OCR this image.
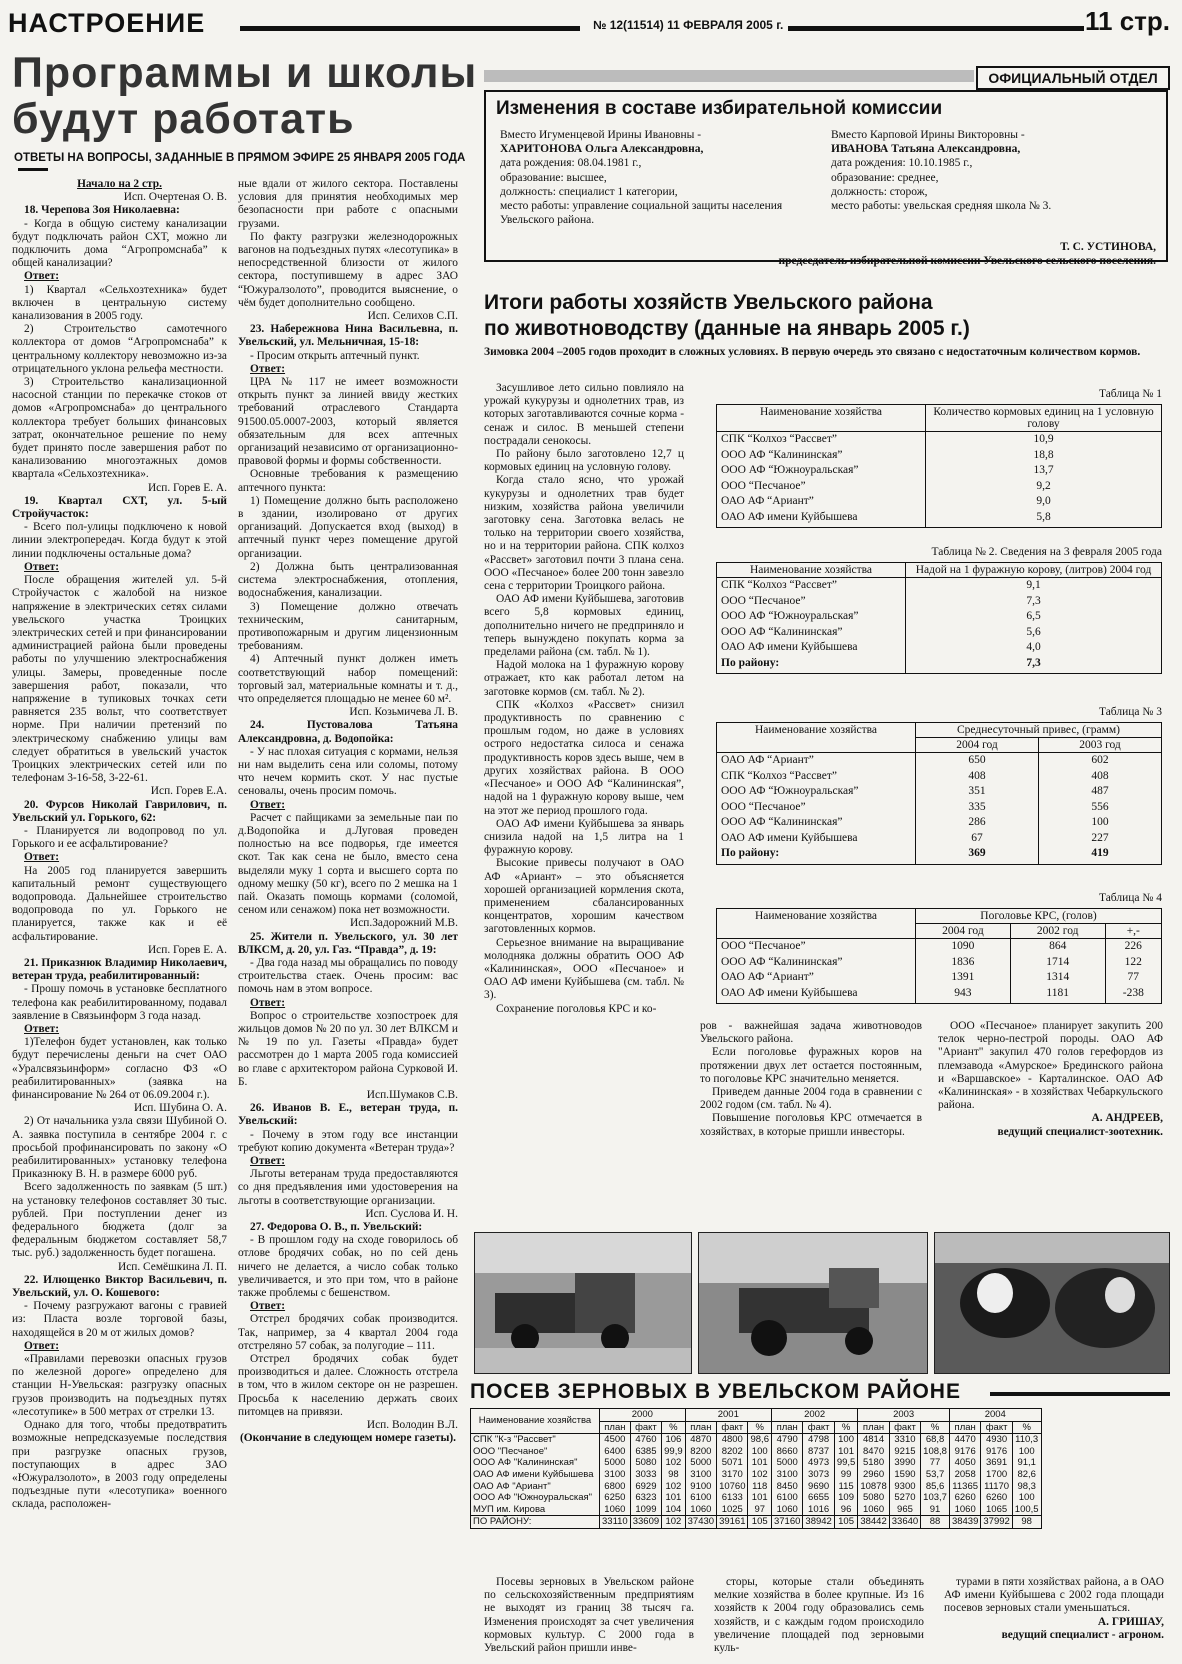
НАСТРОЕНИЕ	№ 12(11514) 11 ФЕВРАЛЯ 2005 г.	11 стр.
Программы и школы
будут работать
ОТВЕТЫ НА ВОПРОСЫ, ЗАДАННЫЕ В ПРЯМОМ ЭФИРЕ 25 ЯНВАРЯ 2005 ГОДА

Начало на 2 стр.

Исп. Очертеная О. В.

18. Черепова Зоя Николаевна:

- Когда в общую систему канализации будут подключать район СХТ, можно ли подключить дома “Агропромснаба” к общей канализации?

Ответ:

1) Квартал «Сельхозтехника» будет включен в центральную систему канализования в 2005 году.

2) Строительство самотечного коллектора от домов “Агропромснаба” к центральному коллектору невозможно из-за отрицательного уклона рельефа местности.

3) Строительство канализационной насосной станции по перекачке стоков от домов «Агропромснаба» до центрального коллектора требует больших финансовых затрат, окончательное решение по нему будет принято после завершения работ по канализованию многоэтажных домов квартала «Сельхозтехника».

Исп. Горев Е. А.

19. Квартал СХТ, ул. 5-ый Стройучасток:

- Всего пол-улицы подключено к новой линии электропередач. Когда будут к этой линии подключены остальные дома?

Ответ:

После обращения жителей ул. 5-й Стройучасток с жалобой на низкое напряжение в электрических сетях силами увельского участка Троицких электрических сетей и при финансировании администрацией района были проведены работы по улучшению электроснабжения улицы. Замеры, проведенные после завершения работ, показали, что напряжение в тупиковых точках сети равняется 235 вольт, что соответствует норме. При наличии претензий по электрическому снабжению улицы вам следует обратиться в увельский участок Троицких электрических сетей или по телефонам 3-16-58, 3-22-61.

Исп. Горев Е.А.

20. Фурсов Николай Гаврилович, п. Увельский ул. Горького, 62:

- Планируется ли водопровод по ул. Горького и ее асфальтирование?

Ответ:

На 2005 год планируется завершить капитальный ремонт существующего водопровода. Дальнейшее строительство водопровода по ул. Горького не планируется, также как и её асфальтирование.

Исп. Горев Е. А.

21. Приказнюк Владимир Николаевич, ветеран труда, реабилитированный:

- Прошу помочь в установке бесплатного телефона как реабилитированному, подавал заявление в Связьинформ 3 года назад.

Ответ:

1)Телефон будет установлен, как только будут перечислены деньги на счет ОАО «Уралсвязьинформ» согласно ФЗ «О реабилитированных» (заявка на финансирование № 264 от 06.09.2004 г.).

Исп. Шубина О. А.

2) От начальника узла связи Шубиной О. А. заявка поступила в сентябре 2004 г. с просьбой профинансировать по закону «О реабилитированных» установку телефона Приказнюку В. Н. в размере 6000 руб.

Всего задолженность по заявкам (5 шт.) на установку телефонов составляет 30 тыс. рублей. При поступлении денег из федерального бюджета (долг за федеральным бюджетом составляет 58,7 тыс. руб.) задолженность будет погашена.

Исп. Семёшкина Л. П.

22. Илющенко Виктор Васильевич, п. Увельский, ул. О. Кошевого:

- Почему разгружают вагоны с гравией из: Пласта возле торговой базы, находящейся в 20 м от жилых домов?

Ответ:

«Правилами перевозки опасных грузов по железной дороге» определено для станции Н-Увельская: разгрузку опасных грузов производить на подъездных путях «лесотупике» в 500 метрах от стрелки 13.

Однако для того, чтобы предотвратить возможные непредсказуемые последствия при разгрузке опасных грузов, поступающих в адрес ЗАО «Южуралзолото», в 2003 году определены подъездные пути «лесотупика» военного склада, расположен-

ные вдали от жилого сектора. Поставлены условия для принятия необходимых мер безопасности при работе с опасными грузами.

По факту разгрузки железнодорожных вагонов на подъездных путях «лесотупика» в непосредственной близости от жилого сектора, поступившему в адрес ЗАО “Южуралзолото”, проводится выяснение, о чём будет дополнительно сообщено.

Исп. Селихов С.П.

23. Набережнова Нина Васильевна, п. Увельский, ул. Мельничная, 15-18:

- Просим открыть аптечный пункт.

Ответ:

ЦРА № 117 не имеет возможности открыть пункт за линией ввиду жестких требований отраслевого Стандарта 91500.05.0007-2003, который является обязательным для всех аптечных организаций независимо от организационно-правовой формы и формы собственности.

Основные требования к размещению аптечного пункта:

1) Помещение должно быть расположено в здании, изолировано от других организаций. Допускается вход (выход) в аптечный пункт через помещение другой организации.

2) Должна быть централизованная система электроснабжения, отопления, водоснабжения, канализации.

3) Помещение должно отвечать техническим, санитарным, противопожарным и другим лицензионным требованиям.

4) Аптечный пункт должен иметь соответствующий набор помещений: торговый зал, материальные комнаты и т. д., что определяется площадью не менее 60 м².

Исп. Козьмичева Л. В.

24. Пустовалова Татьяна Александровна, д. Водопойка:

- У нас плохая ситуация с кормами, нельзя ни нам выделить сена или соломы, потому что нечем кормить скот. У нас пустые сеновалы, очень просим помочь.

Ответ:

Расчет с пайщиками за земельные паи по д.Водопойка и д.Луговая проведен полностью на все подворья, где имеется скот. Так как сена не было, вместо сена выделяли муку 1 сорта и высшего сорта по одному мешку (50 кг), всего по 2 мешка на 1 пай. Оказать помощь кормами (соломой, сеном или сенажом) пока нет возможности.

Исп.Задорожний М.В.

25. Жители п. Увельского, ул. 30 лет ВЛКСМ, д. 20, ул. Газ. “Правда”, д. 19:

- Два года назад мы обращались по поводу строительства стаек. Очень просим: вас помочь нам в этом вопросе.

Ответ:

Вопрос о строительстве хозпостроек для жильцов домов № 20 по ул. 30 лет ВЛКСМ и № 19 по ул. Газеты «Правда» будет рассмотрен до 1 марта 2005 года комиссией во главе с архитектором района Сурковой И. Б.

Исп.Шумаков С.В.

26. Иванов В. Е., ветеран труда, п. Увельский:

- Почему в этом году все инстанции требуют копию документа «Ветеран труда»?

Ответ:

Льготы ветеранам труда предоставляются со дня предъявления ими удостоверения на льготы в соответствующие организации.

Исп. Суслова И. Н.

27. Федорова О. В., п. Увельский:

- В прошлом году на сходе говорилось об отлове бродячих собак, но по сей день ничего не делается, а число собак только увеличивается, и это при том, что в районе также проблемы с бешенством.

Ответ:

Отстрел бродячих собак производится. Так, например, за 4 квартал 2004 года отстреляно 57 собак, за полугодие – 111.

Отстрел бродячих собак будет производиться и далее. Сложность отстрела в том, что в жилом секторе он не разрешен. Просьба к населению держать своих питомцев на привязи.

Исп. Володин В.Л.

(Окончание в следующем номере газеты).

ОФИЦИАЛЬНЫЙ ОТДЕЛ
Изменения в составе избирательной комиссии
Вместо Игуменцевой Ирины Ивановны -
ХАРИТОНОВА Ольга Александровна,
дата рождения: 08.04.1981 г.,
образование: высшее,
должность: специалист 1 категории,
место работы: управление социальной защиты населения Увельского района.
Вместо Карповой Ирины Викторовны -
ИВАНОВА Татьяна Александровна,
дата рождения: 10.10.1985 г.,
образование: среднее,
должность: сторож,
место работы: увельская средняя школа № 3.
Т. С. УСТИНОВА,
председатель избирательной комиссии Увельского сельского поселения.
Итоги работы хозяйств Увельского района
по животноводству (данные на январь 2005 г.)
Зимовка 2004 –2005 годов проходит в сложных условиях. В первую очередь это связано с недостаточным количеством кормов.

Засушливое лето сильно повлияло на урожай кукурузы и однолетних трав, из которых заготавливаются сочные корма - сенаж и силос. В меньшей степени пострадали сенокосы.

По району было заготовлено 12,7 ц кормовых единиц на условную голову.

Когда стало ясно, что урожай кукурузы и однолетних трав будет низким, хозяйства района увеличили заготовку сена. Заготовка велась не только на территории своего хозяйства, но и на территории района. СПК колхоз «Рассвет» заготовил почти 3 плана сена. ООО «Песчаное» более 200 тонн завезло сена с территории Троицкого района.

ОАО АФ имени Куйбышева, заготовив всего 5,8 кормовых единиц, дополнительно ничего не предпринялo и теперь вынуждено покупать корма за пределами района (см. табл. № 1).

Надой молока на 1 фуражную корову отражает, кто как работал летом на заготовке кормов (см. табл. № 2).

СПК «Колхоз «Рассвет» снизил продуктивность по сравнению с прошлым годом, но даже в условиях острого недостатка силоса и сенажа продуктивность коров здесь выше, чем в других хозяйствах района. В ООО «Песчаное» и ООО АФ “Калининская”, надой на 1 фуражную корову выше, чем на этот же период прошлого года.

ОАО АФ имени Куйбышева за январь снизила надой на 1,5 литра на 1 фуражную корову.

Высокие привесы получают в ОАО АФ «Ариант» – это объясняется хорошей организацией кормления скота, применением сбалансированных концентратов, хорошим качеством заготовленных кормов.

Серьезное внимание на выращивание молодняка должны обратить ООО АФ «Калининская», ООО «Песчаное» и ОАО АФ имени Куйбышева (см. табл. № 3).

Сохранение поголовья КРС и ко-

ров - важнейшая задача животноводов Увельского района.

Если поголовье фуражных коров на протяжении двух лет остается постоянным, то поголовье КРС значительно меняется.

Приведем данные 2004 года в сравнении с 2002 годом (см. табл. № 4).

Повышение поголовья КРС отмечается в хозяйствах, в которые пришли инвесторы.

ООО «Песчаное» планирует закупить 200 телок черно-пестрой породы. ОАО АФ "Ариант" закупил 470 голов герефордов из племзавода «Амурское» Брединского района и «Варшавское» - Карталинское. ОАО АФ «Калининская» - в хозяйствах Чебаркульского района.

А. АНДРЕЕВ,

ведущий специалист-зоотехник.

Таблица № 1
Наименование хозяйства	Количество кормовых единиц на 1 условную голову
СПК “Колхоз “Рассвет”	10,9
ООО АФ “Калининская”	18,8
ООО АФ “Южноуральская”	13,7
ООО “Песчаное”	9,2
ОАО АФ “Ариант”	9,0
ОАО АФ имени Куйбышева	5,8

Таблица № 2. Сведения на 3 февраля 2005 года
Наименование хозяйства	Надой на 1 фуражную корову, (литров) 2004 год
СПК “Колхоз “Рассвет”	9,1
ООО “Песчаное”	7,3
ООО АФ “Южноуральская”	6,5
ООО АФ “Калининская”	5,6
ОАО АФ имени Куйбышева	4,0
По району:	7,3

Таблица № 3
Наименование хозяйства	Среднесуточный привес, (грамм)	
	2004 год	2003 год
ОАО АФ “Ариант”	650	602
СПК “Колхоз “Рассвет”	408	408
ООО АФ “Южноуральская”	351	487
ООО “Песчаное”	335	556
ООО АФ “Калининская”	286	100
ОАО АФ имени Куйбышева	67	227
По району:	369	419

Таблица № 4
Наименование хозяйства	Поголовье КРС, (голов)		
	2004 год	2002 год	+,-
ООО “Песчаное”	1090	864	226
ООО АФ “Калининская”	1836	1714	122
ОАО АФ “Ариант”	1391	1314	77
ОАО АФ имени Куйбышева	943	1181	-238

ПОСЕВ ЗЕРНОВЫХ В УВЕЛЬСКОМ РАЙОНЕ
Наименование хозяйства	2000			2001			2002			2003			2004		
	план	факт	%	план	факт	%	план	факт	%	план	факт	%	план	факт	%
СПК "К-з "Рассвет"	4500	4760	106	4870	4800	98,6	4790	4798	100	4814	3310	68,8	4470	4930	110,3
ООО "Песчаное"	6400	6385	99,9	8200	8202	100	8660	8737	101	8470	9215	108,8	9176	9176	100
ООО АФ "Калининская"	5000	5080	102	5000	5071	101	5000	4973	99,5	5180	3990	77	4050	3691	91,1
ОАО АФ имени Куйбышева	3100	3033	98	3100	3170	102	3100	3073	99	2960	1590	53,7	2058	1700	82,6
ОАО АФ "Ариант"	6800	6929	102	9100	10760	118	8450	9690	115	10878	9300	85,6	11365	11170	98,3
ООО АФ "Южноуральская"	6250	6323	101	6100	6133	101	6100	6655	109	5080	5270	103,7	6260	6260	100
МУП им. Кирова	1060	1099	104	1060	1025	97	1060	1016	96	1060	965	91	1060	1065	100,5
ПО РАЙОНУ:	33110	33609	102	37430	39161	105	37160	38942	105	38442	33640	88	38439	37992	98

Посевы зерновых в Увельском районе по сельскохозяйственным предприятиям не выходят из границ 38 тысяч га. Изменения происходят за счет увеличения кормовых культур. С 2000 года в Увельский район пришли инве-

сторы, которые стали объединять мелкие хозяйства в более крупные. Из 16 хозяйств к 2004 году образовались семь хозяйств, и с каждым годом происходило увеличение площадей под зерновыми куль-

турами в пяти хозяйствах района, а в ОАО АФ имени Куйбышева с 2002 года площади посевов зерновых стали уменьшаться.

А. ГРИШАУ,

ведущий специалист - агроном.
